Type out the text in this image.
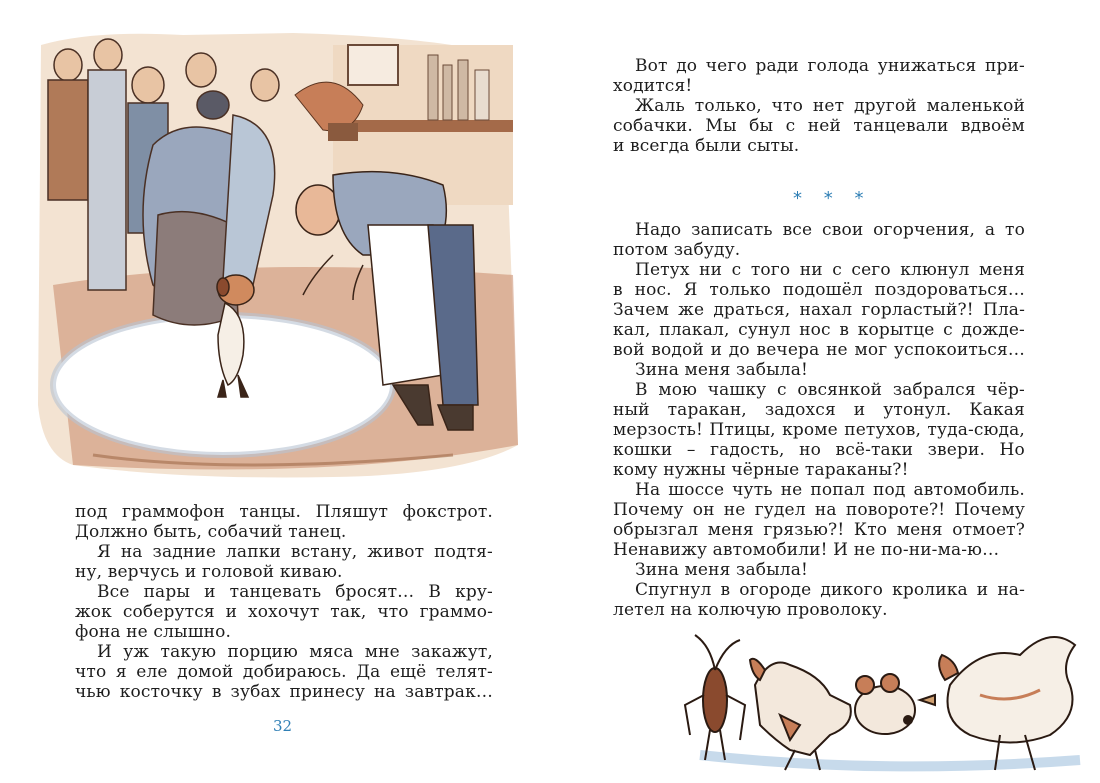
под граммофон танцы. Пляшут фокстрот.
Должно быть, собачий танец.

Я на задние лапки встану, живот подтя-
ну, верчусь и головой киваю.

Все пары и танцевать бросят… В кру-
жок соберутся и хохочут так, что граммо-
фона не слышно.

И уж такую порцию мяса мне закажут,
что я еле домой добираюсь. Да ещё телят-
чью косточку в зубах принесу на завтрак…

32

Вот до чего ради голода унижаться при-
ходится!

Жаль только, что нет другой маленькой
собачки. Мы бы с ней танцевали вдвоём
и всегда были сыты.

* * *

Надо записать все свои огорчения, а то
потом забуду.

Петух ни с того ни с сего клюнул меня
в нос. Я только подошёл поздороваться…
Зачем же драться, нахал горластый?! Пла-
кал, плакал, сунул нос в корытце с дожде-
вой водой и до вечера не мог успокоиться…

Зина меня забыла!

В мою чашку с овсянкой забрался чёр-
ный таракан, задохся и утонул. Какая
мерзость! Птицы, кроме петухов, туда-сюда,
кошки – гадость, но всё-таки звери. Но
кому нужны чёрные тараканы?!

На шоссе чуть не попал под автомобиль.
Почему он не гудел на повороте?! Почему
обрызгал меня грязью?! Кто меня отмоет?
Ненавижу автомобили! И не по-ни-ма-ю…

Зина меня забыла!

Спугнул в огороде дикого кролика и на-
летел на колючую проволоку.
